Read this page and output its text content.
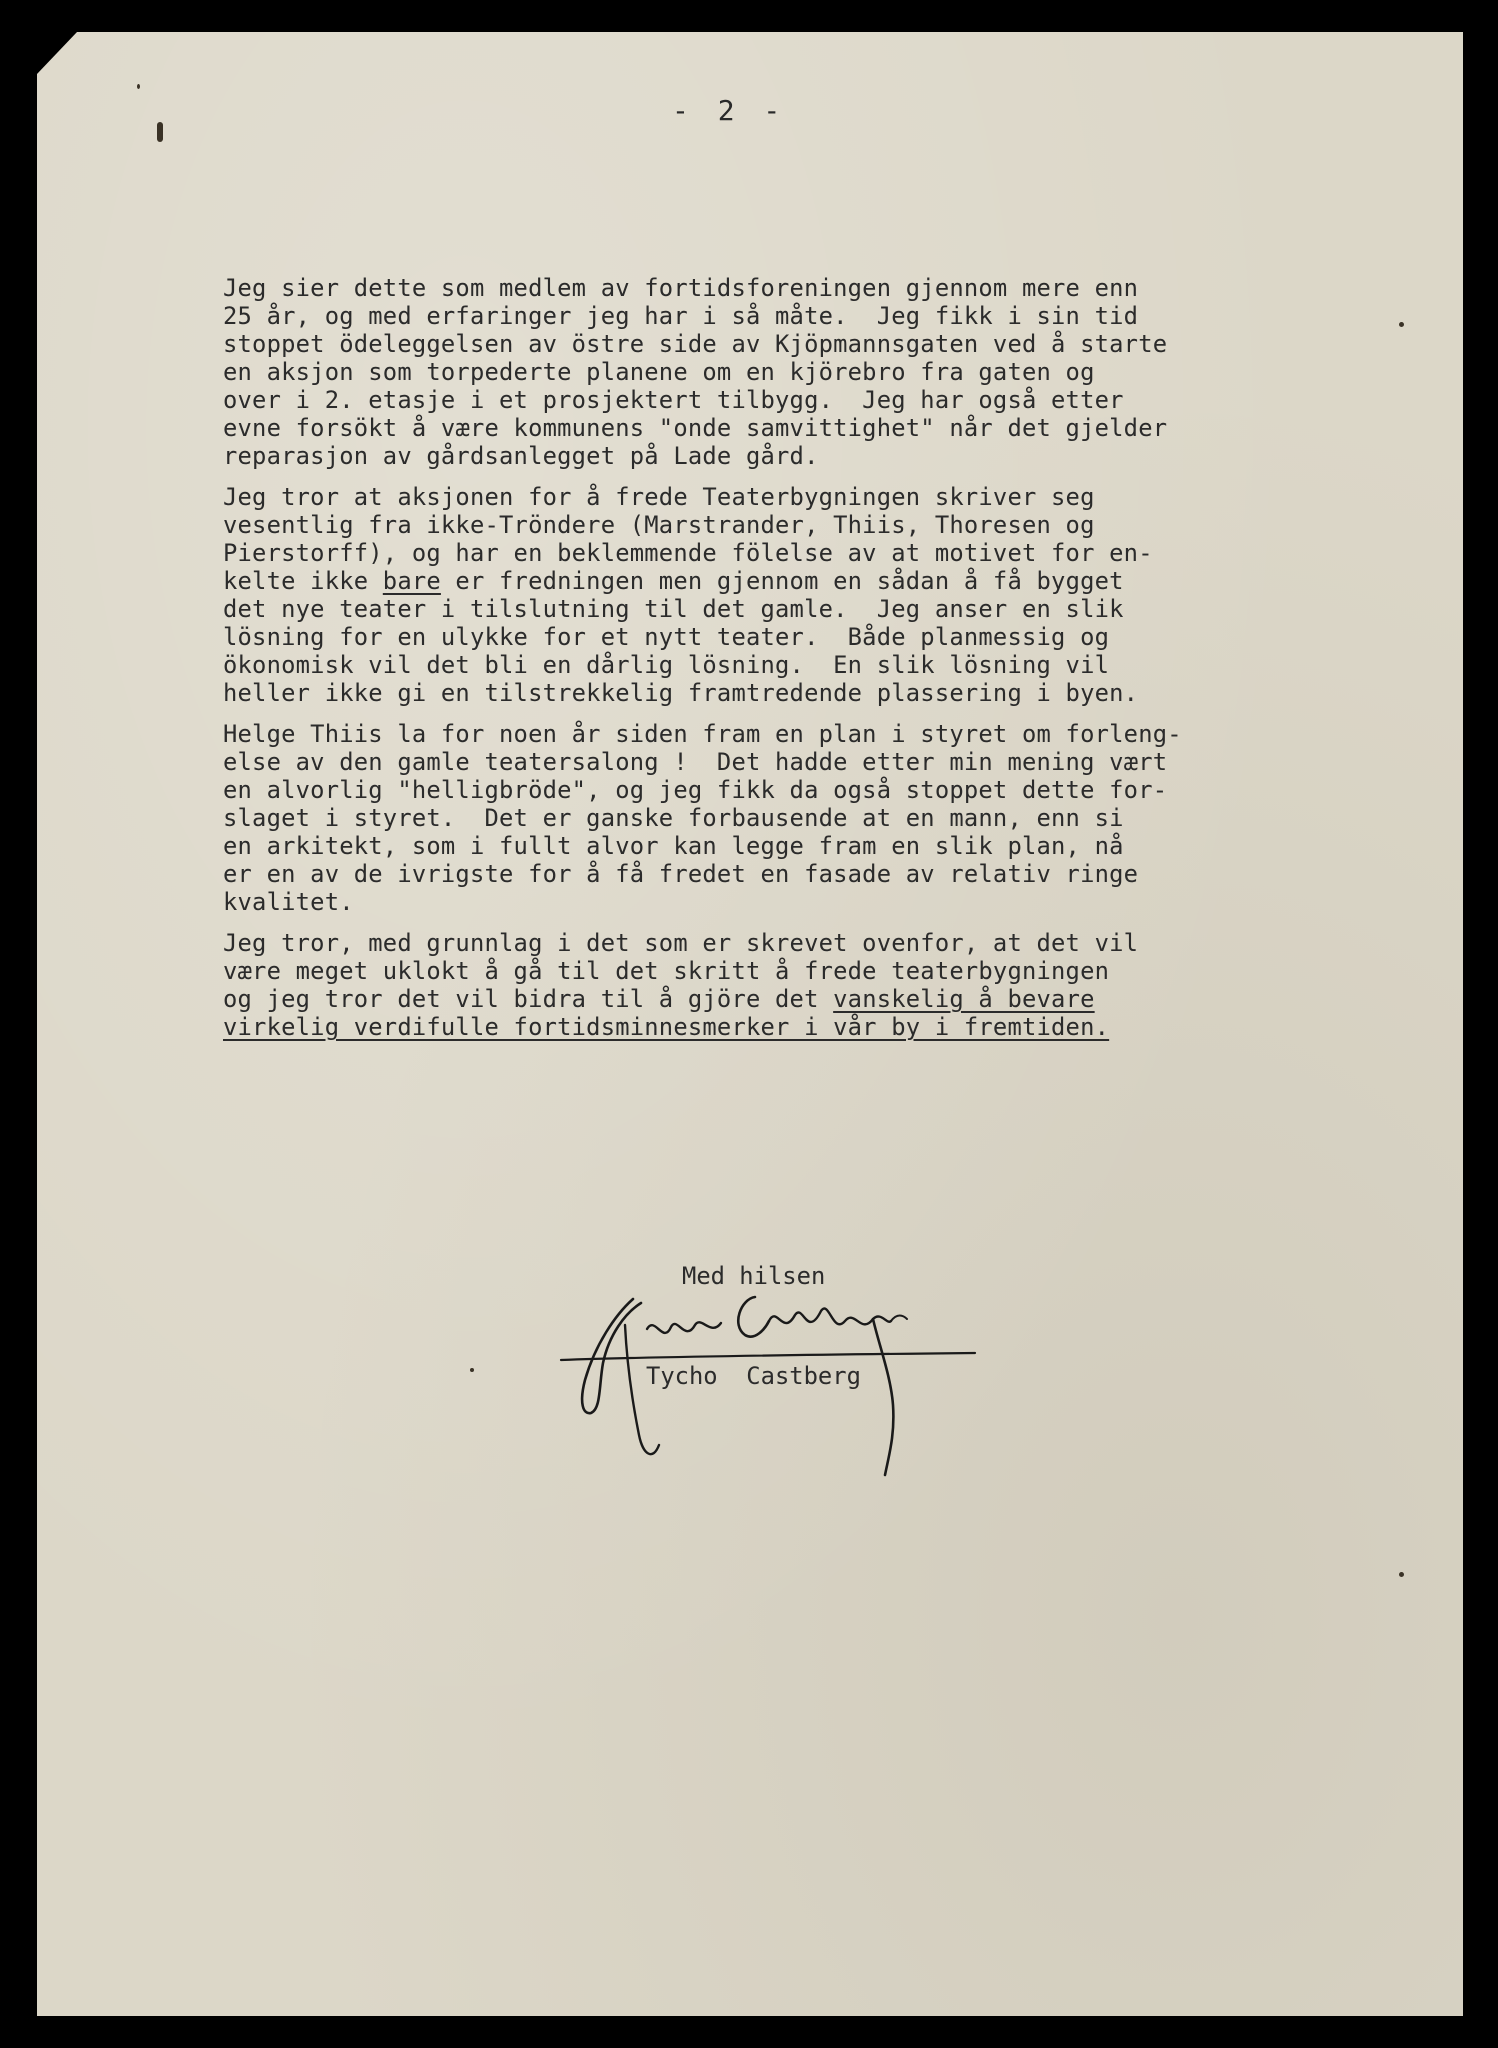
- 2 -
Jeg sier dette som medlem av fortidsforeningen gjennom mere enn
25 år, og med erfaringer jeg har i så måte.  Jeg fikk i sin tid
stoppet ödeleggelsen av östre side av Kjöpmannsgaten ved å starte
en aksjon som torpederte planene om en kjörebro fra gaten og
over i 2. etasje i et prosjektert tilbygg.  Jeg har også etter
evne forsökt å være kommunens "onde samvittighet" når det gjelder
reparasjon av gårdsanlegget på Lade gård.
Jeg tror at aksjonen for å frede Teaterbygningen skriver seg
vesentlig fra ikke-Tröndere (Marstrander, Thiis, Thoresen og
Pierstorff), og har en beklemmende fölelse av at motivet for en-
kelte ikke bare er fredningen men gjennom en sådan å få bygget
det nye teater i tilslutning til det gamle.  Jeg anser en slik
lösning for en ulykke for et nytt teater.  Både planmessig og
ökonomisk vil det bli en dårlig lösning.  En slik lösning vil
heller ikke gi en tilstrekkelig framtredende plassering i byen.
Helge Thiis la for noen år siden fram en plan i styret om forleng-
else av den gamle teatersalong !  Det hadde etter min mening vært
en alvorlig "helligbröde", og jeg fikk da også stoppet dette for-
slaget i styret.  Det er ganske forbausende at en mann, enn si
en arkitekt, som i fullt alvor kan legge fram en slik plan, nå
er en av de ivrigste for å få fredet en fasade av relativ ringe
kvalitet.
Jeg tror, med grunnlag i det som er skrevet ovenfor, at det vil
være meget uklokt å gå til det skritt å frede teaterbygningen
og jeg tror det vil bidra til å gjöre det vanskelig å bevare
virkelig verdifulle fortidsminnesmerker i vår by i fremtiden.
Med hilsen
Tycho  Castberg
